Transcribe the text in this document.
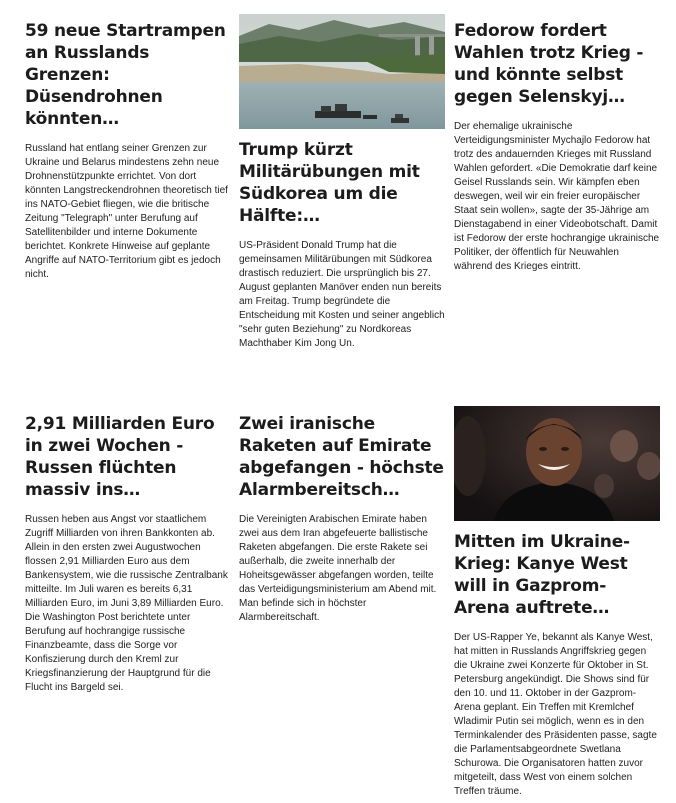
59 neue Startrampen an Russlands Grenzen: Düsendrohnen könnten…

Russland hat entlang seiner Grenzen zur Ukraine und Belarus mindestens zehn neue Drohnenstützpunkte errichtet. Von dort könnten Langstreckendrohnen theoretisch tief ins NATO-Gebiet fliegen, wie die britische Zeitung "Telegraph" unter Berufung auf Satellitenbilder und interne Dokumente berichtet. Konkrete Hinweise auf geplante Angriffe auf NATO-Territorium gibt es jedoch nicht.

Trump kürzt Militärübungen mit Südkorea um die Hälfte:…

US-Präsident Donald Trump hat die gemeinsamen Militärübungen mit Südkorea drastisch reduziert. Die ursprünglich bis 27. August geplanten Manöver enden nun bereits am Freitag. Trump begründete die Entscheidung mit Kosten und seiner angeblich "sehr guten Beziehung" zu Nordkoreas Machthaber Kim Jong Un.

Fedorow fordert Wahlen trotz Krieg - und könnte selbst gegen Selenskyj…

Der ehemalige ukrainische Verteidigungsminister Mychajlo Fedorow hat trotz des andauernden Krieges mit Russland Wahlen gefordert. «Die Demokratie darf keine Geisel Russlands sein. Wir kämpfen eben deswegen, weil wir ein freier europäischer Staat sein wollen», sagte der 35-Jährige am Dienstagabend in einer Videobotschaft. Damit ist Fedorow der erste hochrangige ukrainische Politiker, der öffentlich für Neuwahlen während des Krieges eintritt.

2,91 Milliarden Euro in zwei Wochen - Russen flüchten massiv ins…

Russen heben aus Angst vor staatlichem Zugriff Milliarden von ihren Bankkonten ab. Allein in den ersten zwei Augustwochen flossen 2,91 Milliarden Euro aus dem Bankensystem, wie die russische Zentralbank mitteilte. Im Juli waren es bereits 6,31 Milliarden Euro, im Juni 3,89 Milliarden Euro. Die Washington Post berichtete unter Berufung auf hochrangige russische Finanzbeamte, dass die Sorge vor Konfiszierung durch den Kreml zur Kriegsfinanzierung der Hauptgrund für die Flucht ins Bargeld sei.

Zwei iranische Raketen auf Emirate abgefangen - höchste Alarmbereitsch…

Die Vereinigten Arabischen Emirate haben zwei aus dem Iran abgefeuerte ballistische Raketen abgefangen. Die erste Rakete sei außerhalb, die zweite innerhalb der Hoheitsgewässer abgefangen worden, teilte das Verteidigungsministerium am Abend mit. Man befinde sich in höchster Alarmbereitschaft.

Mitten im Ukraine-Krieg: Kanye West will in Gazprom-Arena auftrete…

Der US-Rapper Ye, bekannt als Kanye West, hat mitten in Russlands Angriffskrieg gegen die Ukraine zwei Konzerte für Oktober in St. Petersburg angekündigt. Die Shows sind für den 10. und 11. Oktober in der Gazprom-Arena geplant. Ein Treffen mit Kremlchef Wladimir Putin sei möglich, wenn es in den Terminkalender des Präsidenten passe, sagte die Parlamentsabgeordnete Swetlana Schurowa. Die Organisatoren hatten zuvor mitgeteilt, dass West von einem solchen Treffen träume.
